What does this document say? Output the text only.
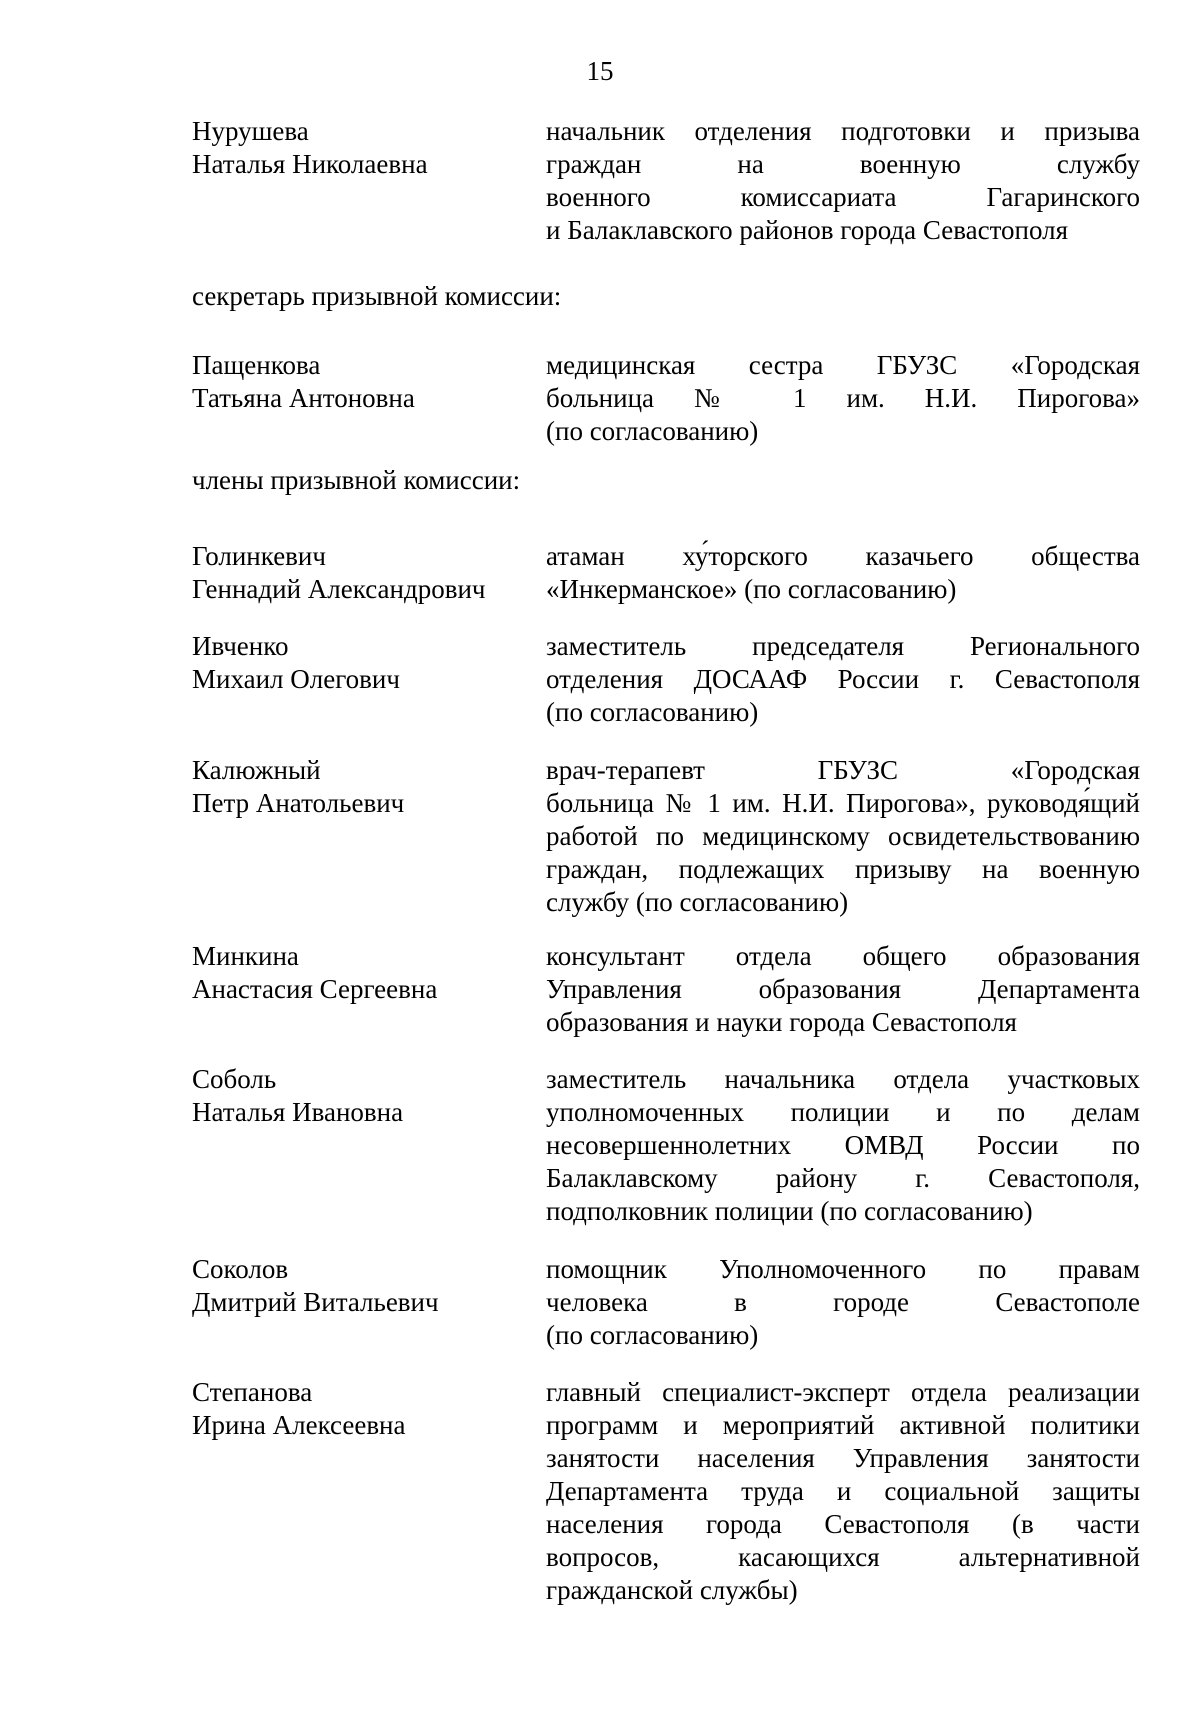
15
Нурушева
Наталья Николаевна
начальник отделения подготовки и призыва
граждан на военную службу
военного комиссариата Гагаринского
и Балаклавского районов города Севастополя
Пащенкова
Татьяна Антоновна
медицинская сестра ГБУЗС «Городская
больница № 1 им. Н.И. Пирогова»
(по согласованию)
Голинкевич
Геннадий Александрович
атаман ху́торского казачьего общества
«Инкерманское» (по согласованию)
Ивченко
Михаил Олегович
заместитель председателя Регионального
отделения ДОСААФ России г. Севастополя
(по согласованию)
Калюжный
Петр Анатольевич
врач-терапевт ГБУЗС «Городская
больница № 1 им. Н.И. Пирогова», руководя́щий
работой по медицинскому освидетельствованию
граждан, подлежащих призыву на военную
службу (по согласованию)
Минкина
Анастасия Сергеевна
консультант отдела общего образования
Управления образования Департамента
образования и науки города Севастополя
Соболь
Наталья Ивановна
заместитель начальника отдела участковых
уполномоченных полиции и по делам
несовершеннолетних ОМВД России по
Балаклавскому району г. Севастополя,
подполковник полиции (по согласованию)
Соколов
Дмитрий Витальевич
помощник Уполномоченного по правам
человека в городе Севастополе
(по согласованию)
Степанова
Ирина Алексеевна
главный специалист-эксперт отдела реализации
программ и мероприятий активной политики
занятости населения Управления занятости
Департамента труда и социальной защиты
населения города Севастополя (в части
вопросов, касающихся альтернативной
гражданской службы)
секретарь призывной комиссии:
члены призывной комиссии:
